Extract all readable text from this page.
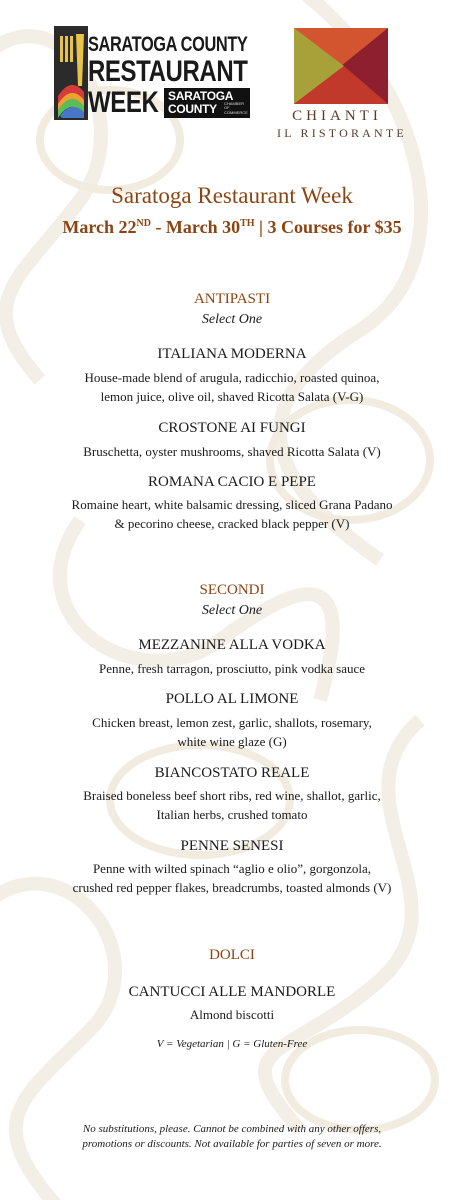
SARATOGA COUNTY
RESTAURANT
WEEK SARATOGA
COUNTY CHAMBER OF COMMERCE	CHIANTI
IL RISTORANTE
Saratoga Restaurant Week
March 22ND - March 30TH | 3 Courses for $35
ANTIPASTI
Select One
ITALIANA MODERNA
House-made blend of arugula, radicchio, roasted quinoa,
lemon juice, olive oil, shaved Ricotta Salata (V-G)
CROSTONE AI FUNGI
Bruschetta, oyster mushrooms, shaved Ricotta Salata (V)
ROMANA CACIO E PEPE
Romaine heart, white balsamic dressing, sliced Grana Padano
& pecorino cheese, cracked black pepper (V)
SECONDI
Select One
MEZZANINE ALLA VODKA
Penne, fresh tarragon, prosciutto, pink vodka sauce
POLLO AL LIMONE
Chicken breast, lemon zest, garlic, shallots, rosemary,
white wine glaze (G)
BIANCOSTATO REALE
Braised boneless beef short ribs, red wine, shallot, garlic,
Italian herbs, crushed tomato
PENNE SENESI
Penne with wilted spinach “aglio e olio”, gorgonzola,
crushed red pepper flakes, breadcrumbs, toasted almonds (V)
DOLCI
CANTUCCI ALLE MANDORLE
Almond biscotti
V = Vegetarian | G = Gluten-Free
No substitutions, please. Cannot be combined with any other offers,
promotions or discounts. Not available for parties of seven or more.
